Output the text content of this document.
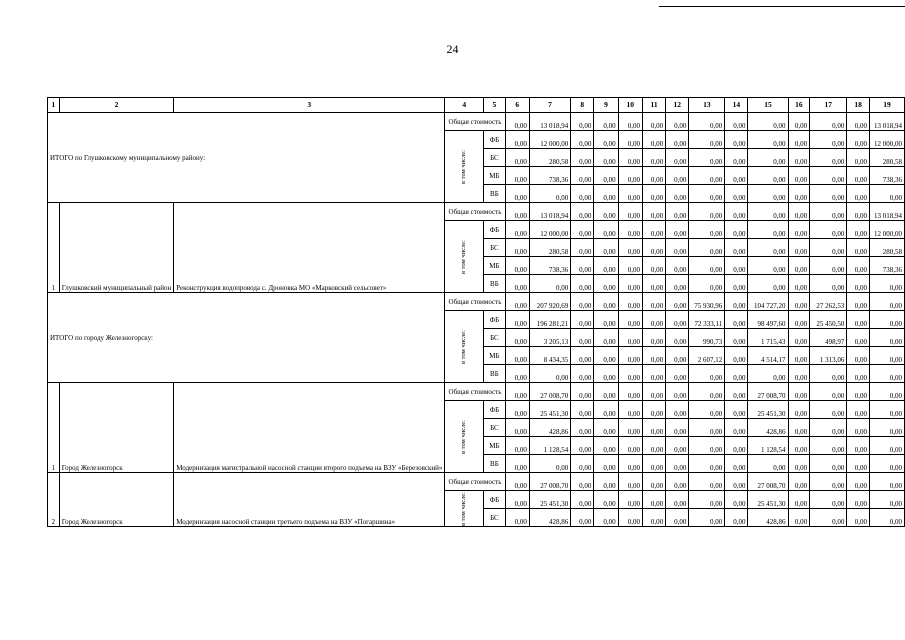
24
1	2	3	4	5	6	7	8	9	10	11	12	13	14	15	16	17	18	19
ИТОГО по Глушковскому муниципальному району:			Общая стоимость		0,00	13 018,94	0,00	0,00	0,00	0,00	0,00	0,00	0,00	0,00	0,00	0,00	0,00	13 018,94
			в том числе:	ФБ	0,00	12 000,00	0,00	0,00	0,00	0,00	0,00	0,00	0,00	0,00	0,00	0,00	0,00	12 000,00
				БС	0,00	280,58	0,00	0,00	0,00	0,00	0,00	0,00	0,00	0,00	0,00	0,00	0,00	280,58
				МБ	0,00	738,36	0,00	0,00	0,00	0,00	0,00	0,00	0,00	0,00	0,00	0,00	0,00	738,36
				ВБ	0,00	0,00	0,00	0,00	0,00	0,00	0,00	0,00	0,00	0,00	0,00	0,00	0,00	0,00
1	Глушковский муниципальный район	Реконструкция водопровода с. Дроновка МО «Марковский сельсовет»	Общая стоимость		0,00	13 018,94	0,00	0,00	0,00	0,00	0,00	0,00	0,00	0,00	0,00	0,00	0,00	13 018,94
			в том числе:	ФБ	0,00	12 000,00	0,00	0,00	0,00	0,00	0,00	0,00	0,00	0,00	0,00	0,00	0,00	12 000,00
				БС	0,00	280,58	0,00	0,00	0,00	0,00	0,00	0,00	0,00	0,00	0,00	0,00	0,00	280,58
				МБ	0,00	738,36	0,00	0,00	0,00	0,00	0,00	0,00	0,00	0,00	0,00	0,00	0,00	738,36
				ВБ	0,00	0,00	0,00	0,00	0,00	0,00	0,00	0,00	0,00	0,00	0,00	0,00	0,00	0,00
ИТОГО по городу Железногорску:			Общая стоимость		0,00	207 920,69	0,00	0,00	0,00	0,00	0,00	75 930,96	0,00	104 727,20	0,00	27 262,53	0,00	0,00
			в том числе:	ФБ	0,00	196 281,21	0,00	0,00	0,00	0,00	0,00	72 333,11	0,00	98 497,60	0,00	25 450,50	0,00	0,00
				БС	0,00	3 205,13	0,00	0,00	0,00	0,00	0,00	990,73	0,00	1 715,43	0,00	498,97	0,00	0,00
				МБ	0,00	8 434,35	0,00	0,00	0,00	0,00	0,00	2 607,12	0,00	4 514,17	0,00	1 313,06	0,00	0,00
				ВБ	0,00	0,00	0,00	0,00	0,00	0,00	0,00	0,00	0,00	0,00	0,00	0,00	0,00	0,00
1	Город Железногорск	Модернизация магистральной насосной станции второго подъема на ВЗУ «Березовский»	Общая стоимость		0,00	27 008,70	0,00	0,00	0,00	0,00	0,00	0,00	0,00	27 008,70	0,00	0,00	0,00	0,00
			в том числе:	ФБ	0,00	25 451,30	0,00	0,00	0,00	0,00	0,00	0,00	0,00	25 451,30	0,00	0,00	0,00	0,00
				БС	0,00	428,86	0,00	0,00	0,00	0,00	0,00	0,00	0,00	428,86	0,00	0,00	0,00	0,00
				МБ	0,00	1 128,54	0,00	0,00	0,00	0,00	0,00	0,00	0,00	1 128,54	0,00	0,00	0,00	0,00
				ВБ	0,00	0,00	0,00	0,00	0,00	0,00	0,00	0,00	0,00	0,00	0,00	0,00	0,00	0,00
2	Город Железногорск	Модернизация насосной станции третьего подъема на ВЗУ «Погаршина»	Общая стоимость		0,00	27 008,70	0,00	0,00	0,00	0,00	0,00	0,00	0,00	27 008,70	0,00	0,00	0,00	0,00
			в том числе:	ФБ	0,00	25 451,30	0,00	0,00	0,00	0,00	0,00	0,00	0,00	25 451,30	0,00	0,00	0,00	0,00
				БС	0,00	428,86	0,00	0,00	0,00	0,00	0,00	0,00	0,00	428,86	0,00	0,00	0,00	0,00
